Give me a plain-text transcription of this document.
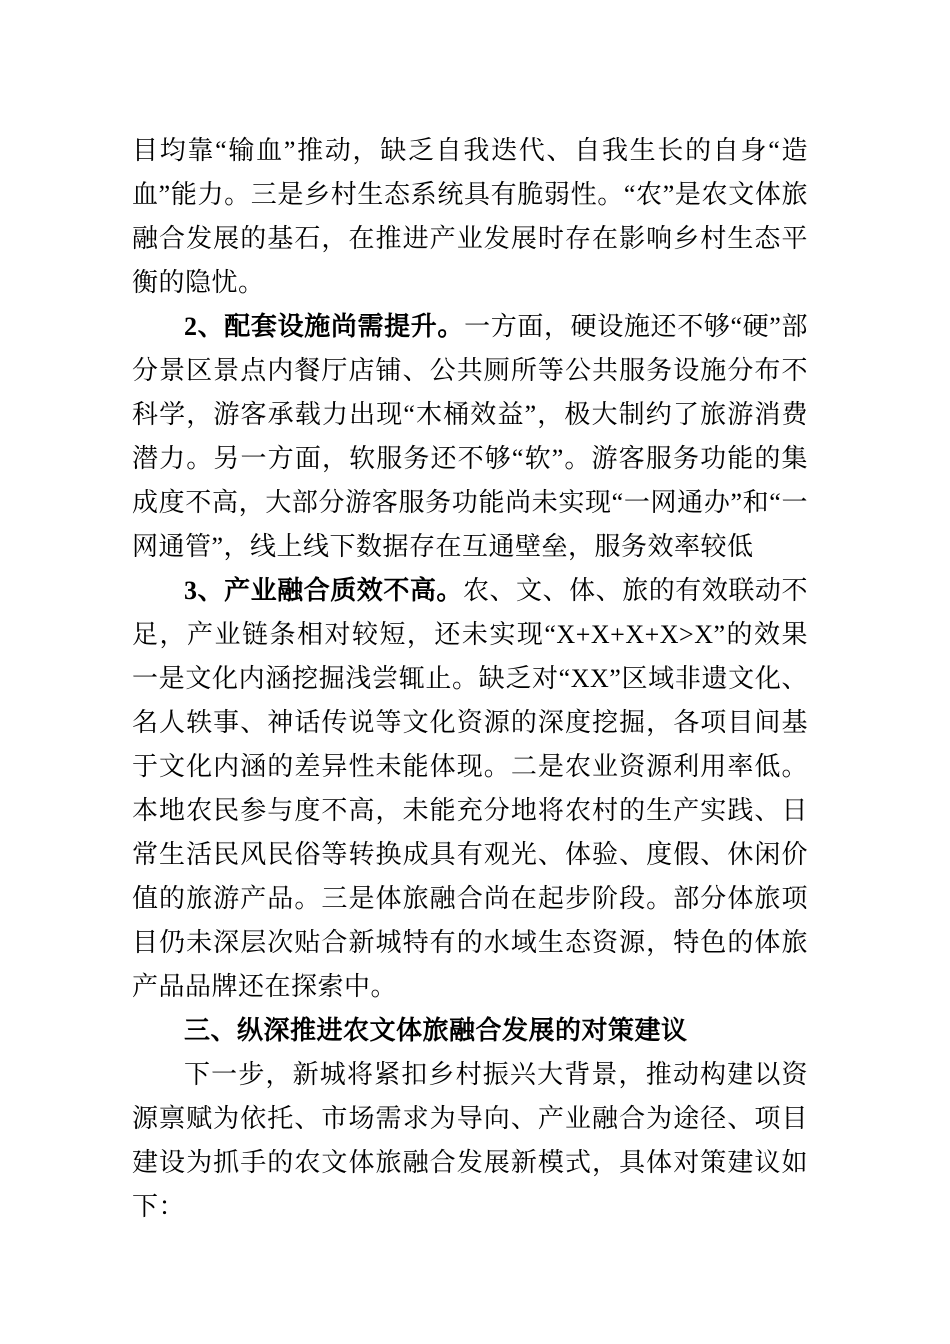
目均靠“输血”推动，缺乏自我迭代、自我生长的自身“造血”能力。三是乡村生态系统具有脆弱性。“农”是农文体旅融合发展的基石，在推进产业发展时存在影响乡村生态平衡的隐忧。

2、配套设施尚需提升。一方面，硬设施还不够“硬”部分景区景点内餐厅店铺、公共厕所等公共服务设施分布不科学，游客承载力出现“木桶效益”，极大制约了旅游消费潜力。另一方面，软服务还不够“软”。游客服务功能的集成度不高，大部分游客服务功能尚未实现“一网通办”和“一网通管”，线上线下数据存在互通壁垒，服务效率较低

3、产业融合质效不高。农、文、体、旅的有效联动不足，产业链条相对较短，还未实现“X+X+X+X>X”的效果一是文化内涵挖掘浅尝辄止。缺乏对“XX”区域非遗文化、名人轶事、神话传说等文化资源的深度挖掘，各项目间基于文化内涵的差异性未能体现。二是农业资源利用率低。本地农民参与度不高，未能充分地将农村的生产实践、日常生活民风民俗等转换成具有观光、体验、度假、休闲价值的旅游产品。三是体旅融合尚在起步阶段。部分体旅项目仍未深层次贴合新城特有的水域生态资源，特色的体旅产品品牌还在探索中。

三、纵深推进农文体旅融合发展的对策建议

下一步，新城将紧扣乡村振兴大背景，推动构建以资源禀赋为依托、市场需求为导向、产业融合为途径、项目建设为抓手的农文体旅融合发展新模式，具体对策建议如下：
